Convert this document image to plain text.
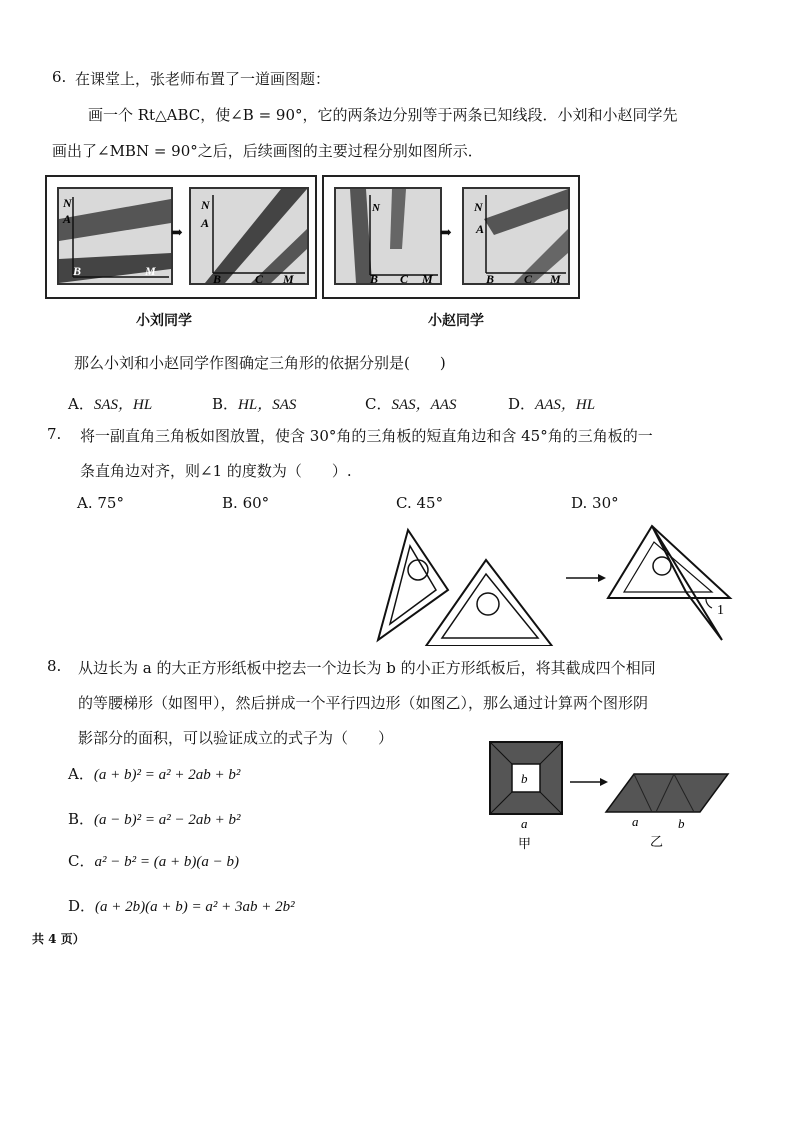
6. 在课堂上，张老师布置了一道画图题：
画一个 Rt△ABC，使∠B = 90°，它的两条边分别等于两条已知线段．小刘和小赵同学先
画出了∠MBN = 90°之后，后续画图的主要过程分别如图所示．
N
A
B	M
➡
N
A
B	C M
小刘同学
N
B C M
➡
N
A
B C M
小赵同学
那么小刘和小赵同学作图确定三角形的依据分别是(　　)
A．SAS，HL	B．HL，SAS	C．SAS，AAS	D．AAS，HL
7. 将一副直角三角板如图放置，使含 30°角的三角板的短直角边和含 45°角的三角板的一
条直角边对齐，则∠1 的度数为（　　）.
A. 75°	B. 60°	C. 45°	D. 30°
1
8. 从边长为 a 的大正方形纸板中挖去一个边长为 b 的小正方形纸板后，将其截成四个相同
的等腰梯形（如图甲），然后拼成一个平行四边形（如图乙），那么通过计算两个图形阴
影部分的面积，可以验证成立的式子为（　　）
A．(a + b)² = a² + 2ab + b²
B．(a − b)² = a² − 2ab + b²
C．a² − b² = (a + b)(a − b)
D．(a + 2b)(a + b) = a² + 3ab + 2b²
b
a
甲
a	b
乙
共 4 页）
